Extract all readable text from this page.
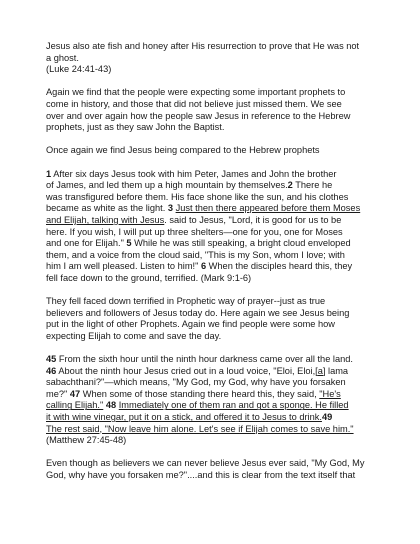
Jesus also ate fish and honey after His resurrection to prove that He was not
a ghost.
(Luke 24:41-43)

Again we find that the people were expecting some important prophets to
come in history, and those that did not believe just missed them. We see
over and over again how the people saw Jesus in reference to the Hebrew
prophets, just as they saw John the Baptist.

Once again we find Jesus being compared to the Hebrew prophets

1 After six days Jesus took with him Peter, James and John the brother
of James, and led them up a high mountain by themselves.2 There he
was transfigured before them. His face shone like the sun, and his clothes
became as white as the light. 3 Just then there appeared before them Moses
and Elijah, talking with Jesus. said to Jesus, "Lord, it is good for us to be
here. If you wish, I will put up three shelters—one for you, one for Moses
and one for Elijah." 5 While he was still speaking, a bright cloud enveloped
them, and a voice from the cloud said, "This is my Son, whom I love; with
him I am well pleased. Listen to him!" 6 When the disciples heard this, they
fell face down to the ground, terrified. (Mark 9:1-6)

They fell faced down terrified in Prophetic way of prayer--just as true
believers and followers of Jesus today do. Here again we see Jesus being
put in the light of other Prophets. Again we find people were some how
expecting Elijah to come and save the day.

45 From the sixth hour until the ninth hour darkness came over all the land.
46 About the ninth hour Jesus cried out in a loud voice, "Eloi, Eloi,[a] lama
sabachthani?"—which means, "My God, my God, why have you forsaken
me?" 47 When some of those standing there heard this, they said, "He's
calling Elijah." 48 Immediately one of them ran and got a sponge. He filled
it with wine vinegar, put it on a stick, and offered it to Jesus to drink.49
The rest said, "Now leave him alone. Let's see if Elijah comes to save him."
(Matthew 27:45-48)

Even though as believers we can never believe Jesus ever said, "My God, My
God, why have you forsaken me?"....and this is clear from the text itself that
